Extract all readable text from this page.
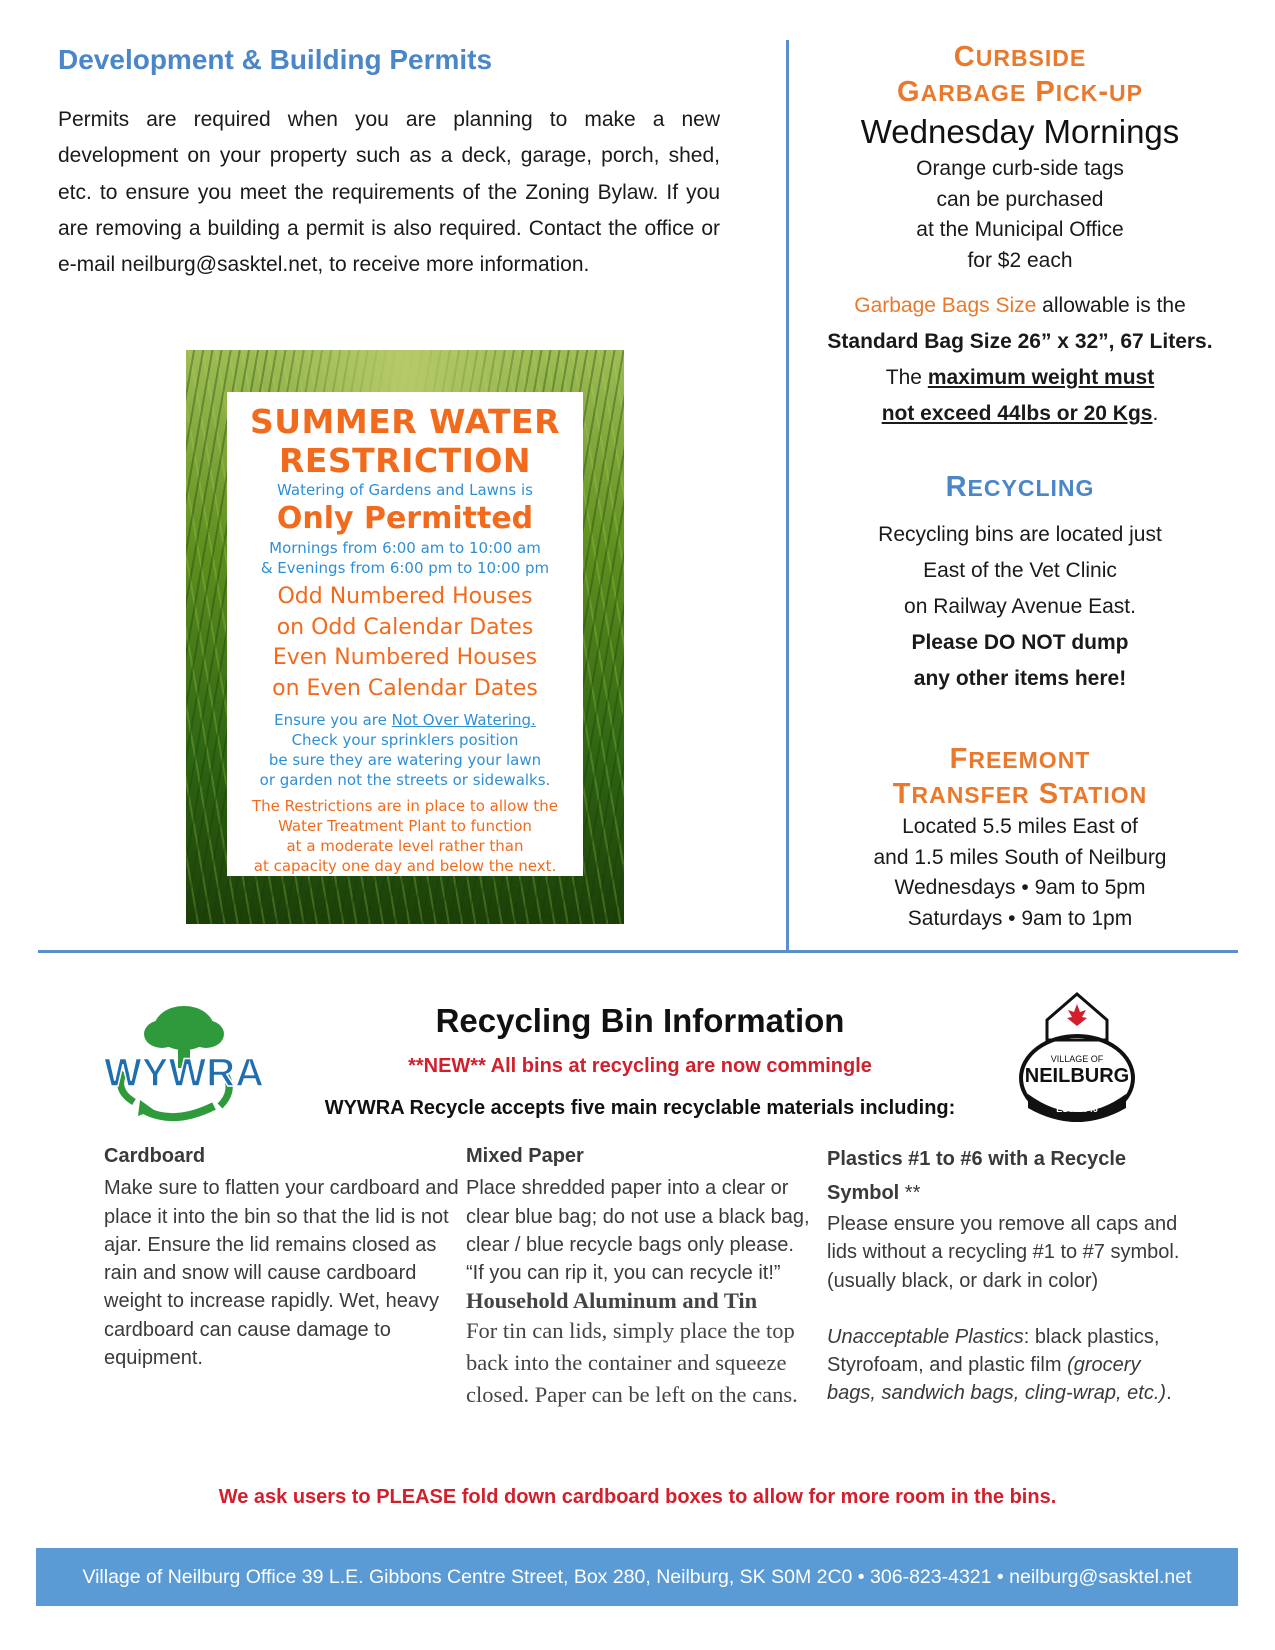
Development & Building Permits
Permits are required when you are planning to make a new development on your property such as a deck, garage, porch, shed, etc. to ensure you meet the requirements of the Zoning Bylaw. If you are removing a building a permit is also required. Contact the office or e-mail neilburg@sasktel.net, to receive more information.
SUMMER WATER
RESTRICTION
Watering of Gardens and Lawns is
Only Permitted
Mornings from 6:00 am to 10:00 am
& Evenings from 6:00 pm to 10:00 pm
Odd Numbered Houses
on Odd Calendar Dates
Even Numbered Houses
on Even Calendar Dates
Ensure you are Not Over Watering.
Check your sprinklers position
be sure they are watering your lawn
or garden not the streets or sidewalks.
The Restrictions are in place to allow the
Water Treatment Plant to function
at a moderate level rather than
at capacity one day and below the next.
CURBSIDE
GARBAGE PICK-UP
Wednesday Mornings
Orange curb-side tags
can be purchased
at the Municipal Office
for $2 each
Garbage Bags Size allowable is the
Standard Bag Size 26” x 32”, 67 Liters.
The maximum weight must
not exceed 44lbs or 20 Kgs.
RECYCLING
Recycling bins are located just
East of the Vet Clinic
on Railway Avenue East.
Please DO NOT dump
any other items here!
FREEMONT
TRANSFER STATION
Located 5.5 miles East of
and 1.5 miles South of Neilburg
Wednesdays • 9am to 5pm
Saturdays • 9am to 1pm
WYWRA	VILLAGE OF
NEILBURG
EST. 1946
Recycling Bin Information
**NEW** All bins at recycling are now commingle
WYWRA Recycle accepts five main recyclable materials including:
Cardboard
Make sure to flatten your cardboard and place it into the bin so that the lid is not ajar. Ensure the lid remains closed as rain and snow will cause cardboard weight to increase rapidly. Wet, heavy cardboard can cause damage to equipment.
Mixed Paper
Place shredded paper into a clear or clear blue bag; do not use a black bag, clear / blue recycle bags only please.
“If you can rip it, you can recycle it!”
Household Aluminum and Tin
For tin can lids, simply place the top back into the container and squeeze closed. Paper can be left on the cans.
Plastics #1 to #6 with a Recycle Symbol **
Please ensure you remove all caps and lids without a recycling #1 to #7 symbol. (usually black, or dark in color)
Unacceptable Plastics: black plastics, Styrofoam, and plastic film (grocery bags, sandwich bags, cling-wrap, etc.).
We ask users to PLEASE fold down cardboard boxes to allow for more room in the bins.
Village of Neilburg Office 39 L.E. Gibbons Centre Street, Box 280, Neilburg, SK S0M 2C0 • 306-823-4321 • neilburg@sasktel.net
